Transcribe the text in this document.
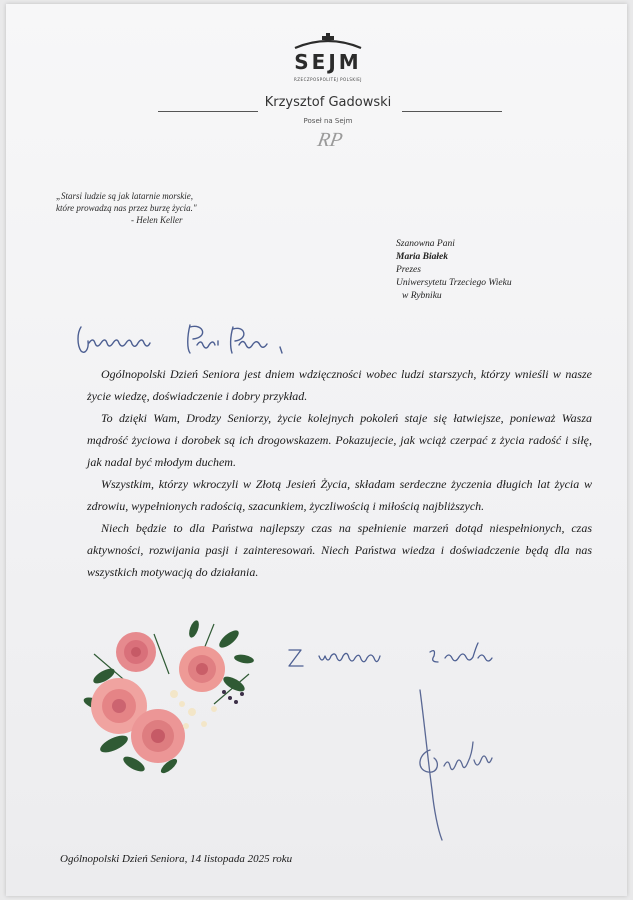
SEJM
RZECZPOSPOLITEJ POLSKIEJ
Krzysztof Gadowski
Poseł na Sejm
RP
„Starsi ludzie są jak latarnie morskie,
które prowadzą nas przez burzę życia."
- Helen Keller
Szanowna Pani
Maria Białek
Prezes
Uniwersytetu Trzeciego Wieku
w Rybniku

Ogólnopolski Dzień Seniora jest dniem wdzięczności wobec ludzi starszych, którzy wnieśli w nasze życie wiedzę, doświadczenie i dobry przykład.

To dzięki Wam, Drodzy Seniorzy, życie kolejnych pokoleń staje się łatwiejsze, ponieważ Wasza mądrość życiowa i dorobek są ich drogowskazem. Pokazujecie, jak wciąż czerpać z życia radość i siłę, jak nadal być młodym duchem.

Wszystkim, którzy wkroczyli w Złotą Jesień Życia, składam serdeczne życzenia długich lat życia w zdrowiu, wypełnionych radością, szacunkiem, życzliwością i miłością najbliższych.

Niech będzie to dla Państwa najlepszy czas na spełnienie marzeń dotąd niespełnionych, czas aktywności, rozwijania pasji i zainteresowań. Niech Państwa wiedza i doświadczenie będą dla nas wszystkich motywacją do działania.

Ogólnopolski Dzień Seniora, 14 listopada 2025 roku
